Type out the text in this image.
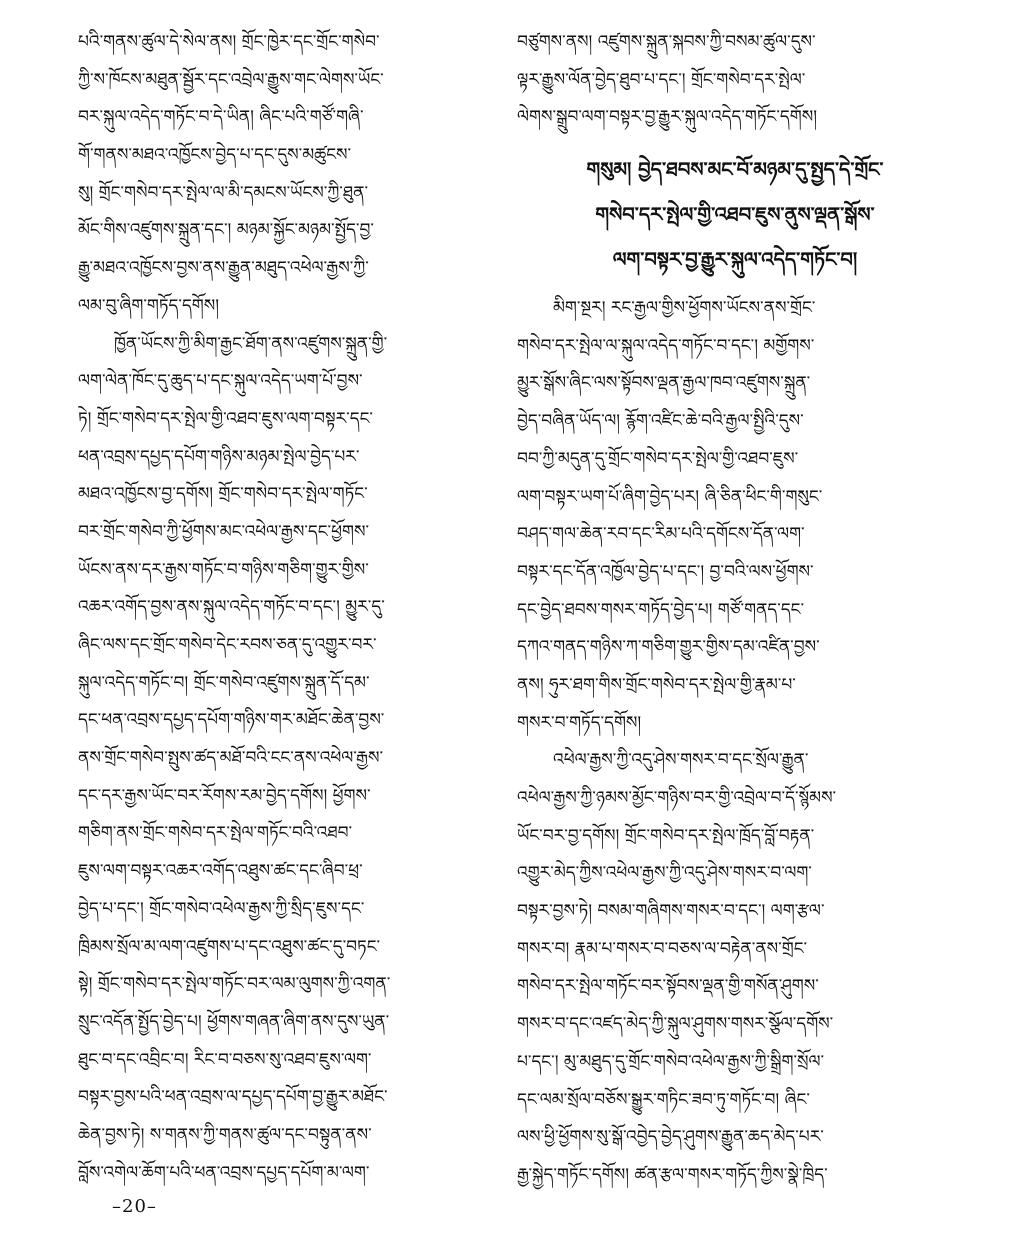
པའི་གནས་ཚུལ་དེ་སེལ་ནས། གྲོང་ཁྱེར་དང་གྲོང་གསེབ་
ཀྱི་ས་ཁོངས་མཐུན་སྦྱོར་དང་འབྲེལ་རྒྱུས་གང་ལེགས་ཡོང་
བར་སྐུལ་འདེད་གཏོང་བ་དེ་ཡིན། ཞིང་པའི་གཙོ་གཞི་
གོ་གནས་མཐའ་འཁྱོངས་བྱེད་པ་དང་དུས་མཚུངས་
སུ། གྲོང་གསེབ་དར་སྤེལ་ལ་མི་དམངས་ཡོངས་ཀྱི་ཐུན་
མོང་གིས་འཛུགས་སྐྲུན་དང་། མཉམ་སྐྱོང་མཉམ་སྤྱོད་བྱ་
རྒྱུ་མཐའ་འཁྱོངས་བྱས་ནས་རྒྱུན་མཐུད་འཕེལ་རྒྱས་ཀྱི་
ལམ་བུ་ཞིག་གཏོད་དགོས།
ཁྱོན་ཡོངས་ཀྱི་མིག་རྒྱང་ཐོག་ནས་འཛུགས་སྐྲུན་གྱི་
ལག་ལེན་ཁོང་དུ་ཆུད་པ་དང་སྐུལ་འདེད་ཡག་པོ་བྱས་
ཏེ། གྲོང་གསེབ་དར་སྤེལ་གྱི་འཐབ་ཇུས་ལག་བསྟར་དང་
ཕན་འབྲས་དཔྱད་དཔོག་གཉིས་མཉམ་སྤེལ་བྱེད་པར་
མཐའ་འཁྱོངས་བྱ་དགོས། གྲོང་གསེབ་དར་སྤེལ་གཏོང་
བར་གྲོང་གསེབ་ཀྱི་ཕྱོགས་མང་འཕེལ་རྒྱས་དང་ཕྱོགས་
ཡོངས་ནས་དར་རྒྱས་གཏོང་བ་གཉིས་གཅིག་གྱུར་གྱིས་
འཆར་འགོད་བྱས་ནས་སྐུལ་འདེད་གཏོང་བ་དང་། མྱུར་དུ་
ཞིང་ལས་དང་གྲོང་གསེབ་དེང་རབས་ཅན་དུ་འགྱུར་བར་
སྐུལ་འདེད་གཏོང་བ། གྲོང་གསེབ་འཛུགས་སྐྲུན་དོ་དམ་
དང་ཕན་འབྲས་དཔྱད་དཔོག་གཉིས་གར་མཐོང་ཆེན་བྱས་
ནས་གྲོང་གསེབ་སྤུས་ཚད་མཐོ་བའི་ངང་ནས་འཕེལ་རྒྱས་
དང་དར་རྒྱས་ཡོང་བར་རོགས་རམ་བྱེད་དགོས། ཕྱོགས་
གཅིག་ནས་གྲོང་གསེབ་དར་སྤེལ་གཏོང་བའི་འཐབ་
ཇུས་ལག་བསྟར་འཆར་འགོད་འཐུས་ཚང་དང་ཞིབ་ཕྲ་
བྱེད་པ་དང་། གྲོང་གསེབ་འཕེལ་རྒྱས་ཀྱི་སྲིད་ཇུས་དང་
ཁྲིམས་སྲོལ་མ་ལག་འཛུགས་པ་དང་འཐུས་ཚང་དུ་བཏང་
སྟེ། གྲོང་གསེབ་དར་སྤེལ་གཏོང་བར་ལམ་ལུགས་ཀྱི་འགན་
སྲུང་འདོན་སྤྱོད་བྱེད་པ། ཕྱོགས་གཞན་ཞིག་ནས་དུས་ཡུན་
ཐུང་བ་དང་འབྲིང་བ། རིང་བ་བཅས་སུ་འཐབ་ཇུས་ལག་
བསྟར་བྱས་པའི་ཕན་འབྲས་ལ་དཔྱད་དཔོག་བྱ་རྒྱུར་མཐོང་
ཆེན་བྱས་ཏེ། ས་གནས་ཀྱི་གནས་ཚུལ་དང་བསྟུན་ནས་
བློས་འགེལ་ཆོག་པའི་ཕན་འབྲས་དཔྱད་དཔོག་མ་ལག་
བཙུགས་ནས། འཛུགས་སྐྲུན་སྐབས་ཀྱི་བསམ་ཚུལ་དུས་
ལྟར་རྒྱུས་ལོན་བྱེད་ཐུབ་པ་དང་། གྲོང་གསེབ་དར་སྤེལ་
ལེགས་སྒྲུབ་ལག་བསྟར་བྱ་རྒྱུར་སྐུལ་འདེད་གཏོང་དགོས།
གསུམ། བྱེད་ཐབས་མང་བོ་མཉམ་དུ་སྤྱད་དེ་གྲོང་
གསེབ་དར་སྤེལ་གྱི་འཐབ་ཇུས་ནུས་ལྡན་སྒོས་
ལག་བསྟར་བྱ་རྒྱུར་སྐུལ་འདེད་གཏོང་བ།
མིག་སྔར། རང་རྒྱལ་གྱིས་ཕྱོགས་ཡོངས་ནས་གྲོང་
གསེབ་དར་སྤེལ་ལ་སྐུལ་འདེད་གཏོང་བ་དང་། མགྱོགས་
མྱུར་སྒོས་ཞིང་ལས་སྟོབས་ལྡན་རྒྱལ་ཁབ་འཛུགས་སྐྲུན་
བྱེད་བཞིན་ཡོད་ལ། རྙོག་འཛིང་ཆེ་བའི་རྒྱལ་སྤྱིའི་དུས་
བབ་ཀྱི་མདུན་དུ་གྲོང་གསེབ་དར་སྤེལ་གྱི་འཐབ་ཇུས་
ལག་བསྟར་ཡག་པོ་ཞིག་བྱེད་པར། ཞི་ཅིན་ཕིང་གི་གསུང་
བཤད་གལ་ཆེན་རབ་དང་རིམ་པའི་དགོངས་དོན་ལག་
བསྟར་དང་དོན་འཁྱོལ་བྱེད་པ་དང་། བྱ་བའི་ལས་ཕྱོགས་
དང་བྱེད་ཐབས་གསར་གཏོད་བྱེད་པ། གཙོ་གནད་དང་
དཀའ་གནད་གཉིས་ཀ་གཅིག་གྱུར་གྱིས་དམ་འཛིན་བྱས་
ནས། ཧུར་ཐག་གིས་གྲོང་གསེབ་དར་སྤེལ་གྱི་རྣམ་པ་
གསར་བ་གཏོད་དགོས།
འཕེལ་རྒྱས་ཀྱི་འདུ་ཤེས་གསར་བ་དང་སྲོལ་རྒྱུན་
འཕེལ་རྒྱས་ཀྱི་ཉམས་མྱོང་གཉིས་བར་གྱི་འབྲེལ་བ་དོ་སྙོམས་
ཡོང་བར་བྱ་དགོས། གྲོང་གསེབ་དར་སྤེལ་ཁྲོད་བློ་བརྟན་
འགྱུར་མེད་ཀྱིས་འཕེལ་རྒྱས་ཀྱི་འདུ་ཤེས་གསར་བ་ལག་
བསྟར་བྱས་ཏེ། བསམ་གཞིགས་གསར་བ་དང་། ལག་རྩལ་
གསར་བ། རྣམ་པ་གསར་བ་བཅས་ལ་བརྟེན་ནས་གྲོང་
གསེབ་དར་སྤེལ་གཏོང་བར་སྟོབས་ལྡན་གྱི་གསོན་ཤུགས་
གསར་བ་དང་འཛད་མེད་ཀྱི་སྐུལ་ཤུགས་གསར་སྩོལ་དགོས་
པ་དང་། མུ་མཐུད་དུ་གྲོང་གསེབ་འཕེལ་རྒྱས་ཀྱི་སྒྲིག་སྲོལ་
དང་ལམ་སྲོལ་བཅོས་སྒྱུར་གཏིང་ཟབ་ཏུ་གཏོང་བ། ཞིང་
ལས་ཕྱི་ཕྱོགས་སུ་སྒོ་འབྱེད་བྱེད་ཤུགས་རྒྱུན་ཆད་མེད་པར་
རྒྱ་སྐྱེད་གཏོང་དགོས། ཚན་རྩལ་གསར་གཏོད་ཀྱིས་སྣེ་ཁྲིད་
–20–
